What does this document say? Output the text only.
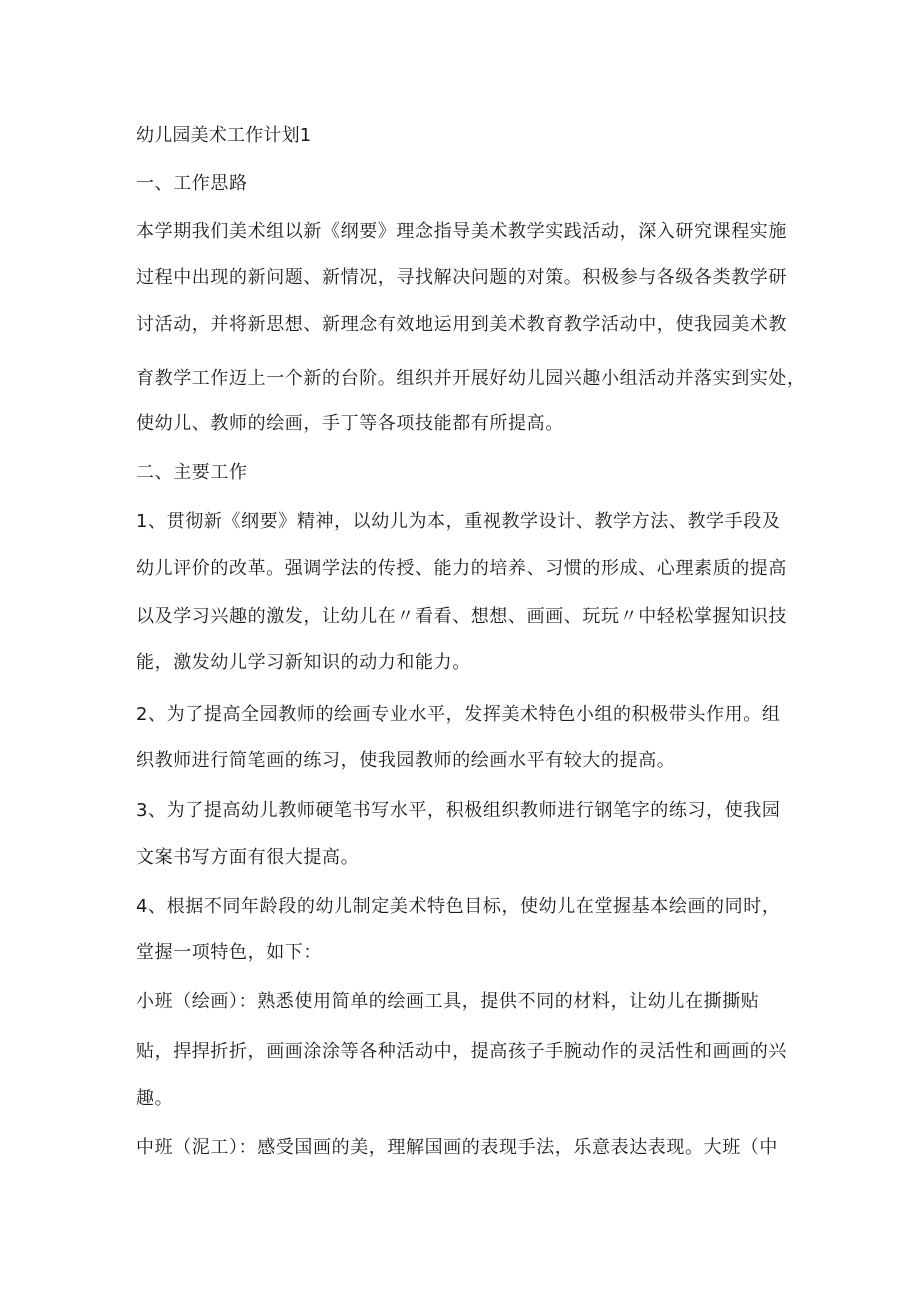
幼儿园美术工作计划1
一、工作思路
本学期我们美术组以新《纲要》理念指导美术教学实践活动，深入研究课程实施
过程中出现的新问题、新情况，寻找解决问题的对策。积极参与各级各类教学研
讨活动，并将新思想、新理念有效地运用到美术教育教学活动中，使我园美术教
育教学工作迈上一个新的台阶。组织并开展好幼儿园兴趣小组活动并落实到实处，
使幼儿、教师的绘画，手丁等各项技能都有所提高。
二、主要工作
1、贯彻新《纲要》精神，以幼儿为本，重视教学设计、教学方法、教学手段及
幼儿评价的改革。强调学法的传授、能力的培养、习惯的形成、心理素质的提高
以及学习兴趣的激发，让幼儿在〃看看、想想、画画、玩玩〃中轻松掌握知识技
能，激发幼儿学习新知识的动力和能力。
2、为了提高全园教师的绘画专业水平，发挥美术特色小组的积极带头作用。组
织教师进行简笔画的练习，使我园教师的绘画水平有较大的提高。
3、为了提高幼儿教师硬笔书写水平，积极组织教师进行钢笔字的练习，使我园
文案书写方面有很大提高。
4、根据不同年龄段的幼儿制定美术特色目标，使幼儿在堂握基本绘画的同时，
堂握一项特色，如下：
小班（绘画）：熟悉使用简单的绘画工具，提供不同的材料，让幼儿在撕撕贴
贴，捍捍折折，画画涂涂等各种活动中，提高孩子手腕动作的灵活性和画画的兴
趣。
中班（泥工）：感受国画的美，理解国画的表现手法，乐意表达表现。大班（中
